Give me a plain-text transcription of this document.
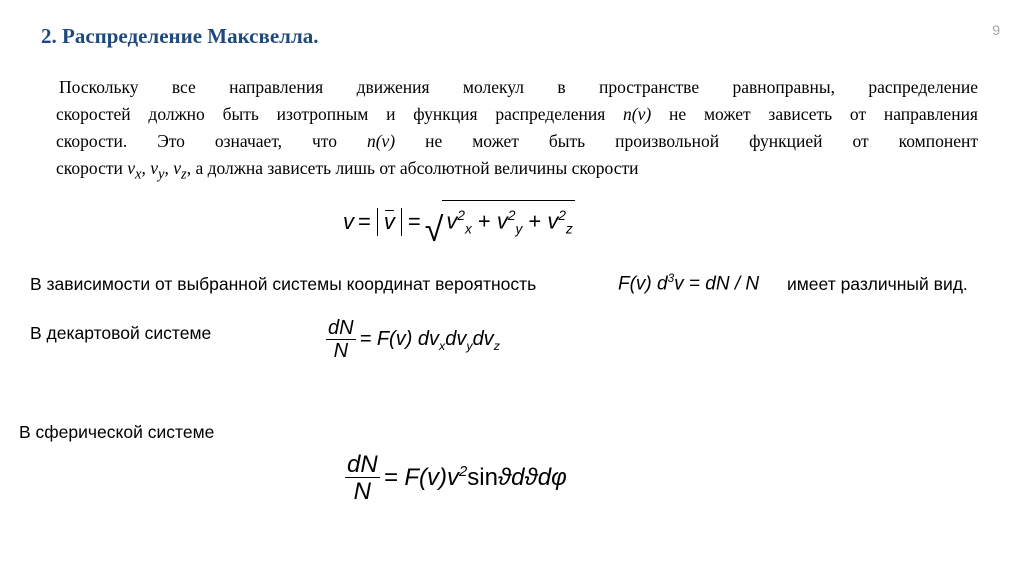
2. Распределение Максвелла.	9
Поскольку все направления движения молекул в пространстве равноправны, распределение
скоростей должно быть изотропным и функция распределения n(v) не может зависеть от направления
скорости. Это означает, что n(v) не может быть произвольной функцией от компонент
скорости $v_x$, $v_y$, $v_z$, а должна зависеть лишь от абсолютной величины скорости
v = v = √ $v^2_x + v^2_y + v^2_z$
В зависимости от выбранной системы координат вероятность	F(v) $d^3v$ = dN / N имеет различный вид.
В декартовой системе	$\frac{dN}{N} = F(v)$ $dv_xdv_ydv_z$
В сферической системе
$\frac{dN}{N} = F(v)v^2\sin ϑdϑd\varphi$
